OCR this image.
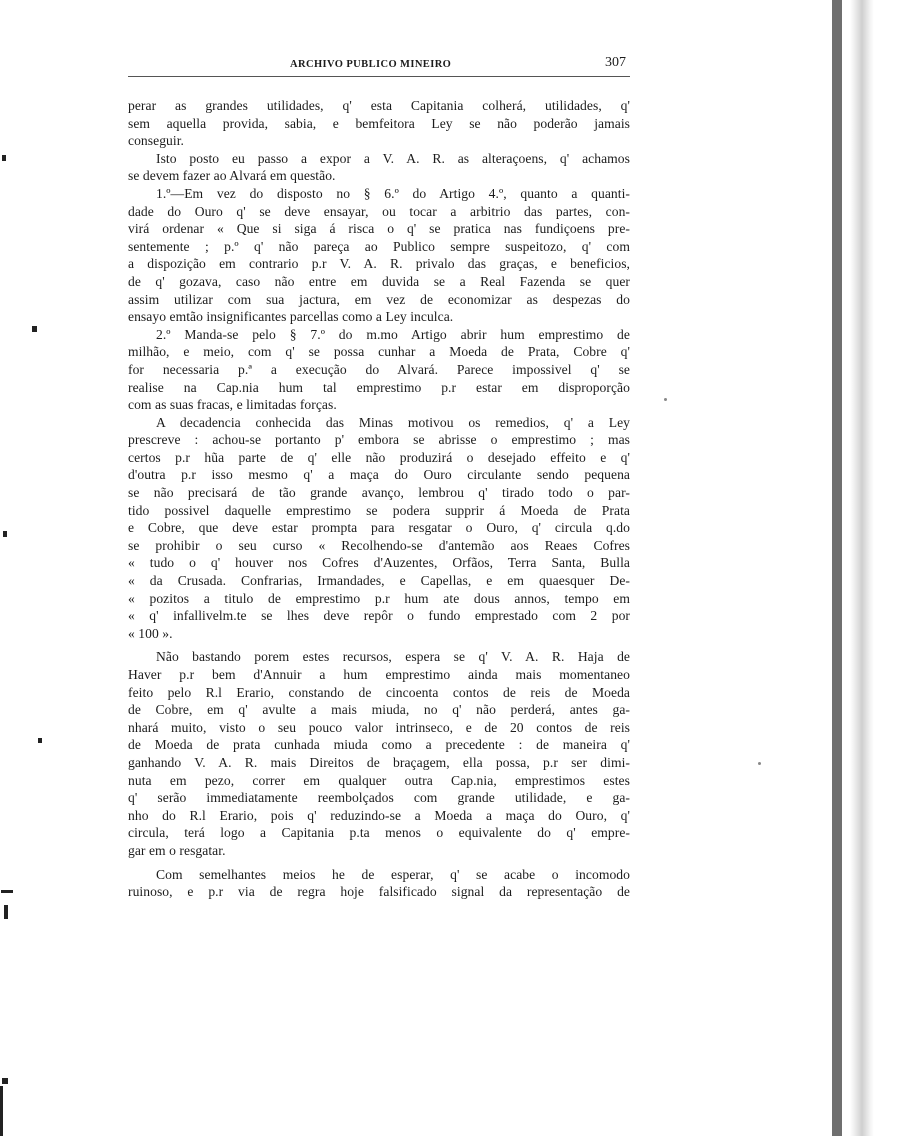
ARCHIVO PUBLICO MINEIRO	307
perar as grandes utilidades, q' esta Capitania colherá, utilidades, q'
sem aquella provida, sabia, e bemfeitora Ley se não poderão jamais
conseguir.
Isto posto eu passo a expor a V. A. R. as alteraçoens, q' achamos
se devem fazer ao Alvará em questão.
1.º—Em vez do disposto no § 6.º do Artigo 4.º, quanto a quanti-
dade do Ouro q' se deve ensayar, ou tocar a arbitrio das partes, con-
virá ordenar « Que si siga á risca o q' se pratica nas fundiçoens pre-
sentemente ; p.º q' não pareça ao Publico sempre suspeitozo, q' com
a dispozição em contrario p.r V. A. R. privalo das graças, e beneficios,
de q' gozava, caso não entre em duvida se a Real Fazenda se quer
assim utilizar com sua jactura, em vez de economizar as despezas do
ensayo emtão insignificantes parcellas como a Ley inculca.
2.º Manda-se pelo § 7.º do m.mo Artigo abrir hum emprestimo de
milhão, e meio, com q' se possa cunhar a Moeda de Prata, Cobre q'
for necessaria p.ª a execução do Alvará. Parece impossivel q' se
realise na Cap.nia hum tal emprestimo p.r estar em disproporção
com as suas fracas, e limitadas forças.
A decadencia conhecida das Minas motivou os remedios, q' a Ley
prescreve : achou-se portanto p' embora se abrisse o emprestimo ; mas
certos p.r hũa parte de q' elle não produzirá o desejado effeito e q'
d'outra p.r isso mesmo q' a maça do Ouro circulante sendo pequena
se não precisará de tão grande avanço, lembrou q' tirado todo o par-
tido possivel daquelle emprestimo se podera supprir á Moeda de Prata
e Cobre, que deve estar prompta para resgatar o Ouro, q' circula q.do
se prohibir o seu curso « Recolhendo-se d'antemão aos Reaes Cofres
« tudo o q' houver nos Cofres d'Auzentes, Orfãos, Terra Santa, Bulla
« da Crusada. Confrarias, Irmandades, e Capellas, e em quaesquer De-
« pozitos a titulo de emprestimo p.r hum ate dous annos, tempo em
« q' infallivelm.te se lhes deve repôr o fundo emprestado com 2 por
« 100 ».
Não bastando porem estes recursos, espera se q' V. A. R. Haja de
Haver p.r bem d'Annuir a hum emprestimo ainda mais momentaneo
feito pelo R.l Erario, constando de cincoenta contos de reis de Moeda
de Cobre, em q' avulte a mais miuda, no q' não perderá, antes ga-
nhará muito, visto o seu pouco valor intrinseco, e de 20 contos de reis
de Moeda de prata cunhada miuda como a precedente : de maneira q'
ganhando V. A. R. mais Direitos de braçagem, ella possa, p.r ser dimi-
nuta em pezo, correr em qualquer outra Cap.nia, emprestimos estes
q' serão immediatamente reembolçados com grande utilidade, e ga-
nho do R.l Erario, pois q' reduzindo-se a Moeda a maça do Ouro, q'
circula, terá logo a Capitania p.ta menos o equivalente do q' empre-
gar em o resgatar.
Com semelhantes meios he de esperar, q' se acabe o incomodo
ruinoso, e p.r via de regra hoje falsificado signal da representação de
